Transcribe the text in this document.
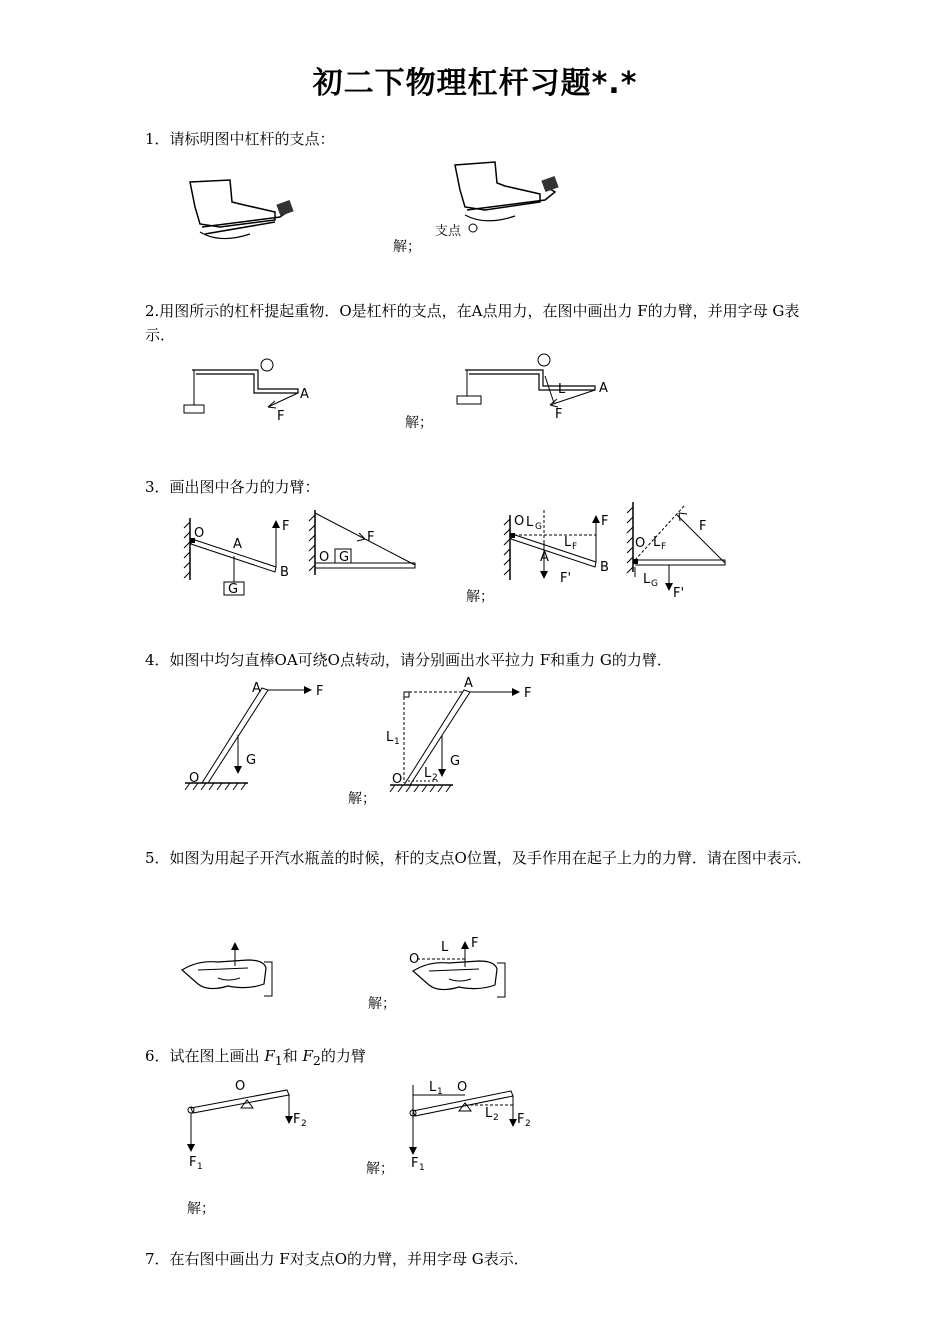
初二下物理杠杆习题*.*
1．请标明图中杠杆的支点：
支点
解；
2.用图所示的杠杆提起重物．O是杠杆的支点，在A点用力，在图中画出力 F的力臂，并用字母 G表示．
A
F
A
L
F
解；
3．画出图中各力的力臂：
G
O
A
B
F
G
O
F
O L G
L F
A
B
F
F'
O L F
F
L G
F'
解；
4．如图中均匀直棒OA可绕O点转动，请分别画出水平拉力 F和重力 G的力臂．
O
A	F
G
O
A
F
G
L 1
L 2
解；
5．如图为用起子开汽水瓶盖的时候，杆的支点O位置，及手作用在起子上力的力臂．请在图中表示．
O
L F
解；
6．试在图上画出 $F_1$和 $F_2$的力臂
O
F 2
F 1
L 1 O
L 2 F 2
F 1
解；
解；
7．在右图中画出力 F对支点O的力臂，并用字母 G表示．
